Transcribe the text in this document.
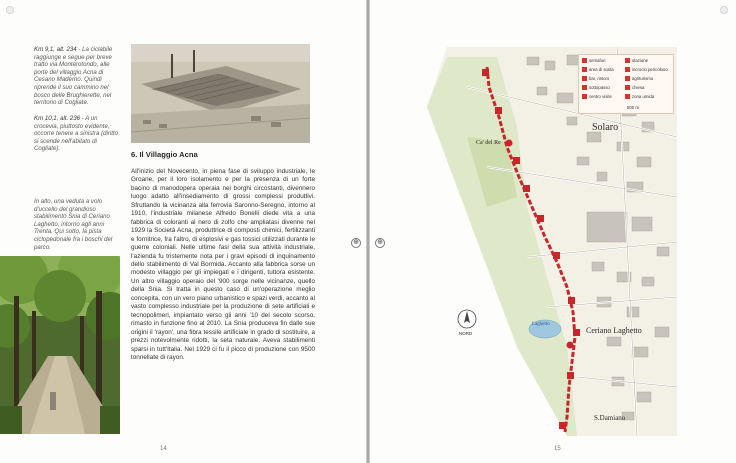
Km 9,1, alt. 234 - La ciclabile raggiunge e segue per breve tratto via Monterotondo, alle porte del villaggio Acna di Cesano Maderno. Quindi riprende il suo cammino nel bosco delle Brughierette, nel territorio di Cogliate.
Km 10,1, alt. 236 - A un crocevia, piuttosto evidente, occorre tenere a sinistra (diritto si scende nell'abitato di Cogliate).
In alto, una veduta a volo d'uccello del grandioso stabilimento Snia di Ceriano Laghetto, intorno agli anni Trenta. Qui sotto, la pista ciclopedonale fra i boschi del parco.
6. Il Villaggio Acna
All'inizio del Novecento, in piena fase di sviluppo industriale, le Groane, per il loro isolamento e per la presenza di un forte bacino di manodopera operaia nei borghi circostanti, divennero luogo adatto all'insediamento di grossi complessi produttivi. Sfruttando la vicinanza alla ferrovia Saronno-Seregno, intorno al 1910, l'industriale milanese Alfredo Bonelli diede vita a una fabbrica di coloranti al nero di zolfo che ampliatasi divenne nel 1929 la Società Acna, produttrice di composti chimici, fertilizzanti e fornitrice, fra l'altro, di esplosivi e gas tossici utilizzati durante le guerre coloniali. Nelle ultime fasi della sua attività industriale, l'azienda fu tristemente nota per i gravi episodi di inquinamento dello stabilimento di Val Bormida. Accanto alla fabbrica sorse un modesto villaggio per gli impiegati e i dirigenti, tuttora esistente. Un altro villaggio operaio del '900 sorge nelle vicinanze, quello della Snia. Si tratta in questo caso di un'operazione meglio concepita, con un vero piano urbanistico e spazi verdi, accanto al vasto complesso industriale per la produzione di sete artificiali e tecnopolimeri, impiantato verso gli anni '10 del secolo scorso, rimasto in funzione fino al 2010. La Snia produceva fin dalle sue origini il 'rayon', una fibra tessile artificiale in grado di sostituire, a prezzi notevolmente ridotti, la seta naturale. Aveva stabilimenti sparsi in tutt'Italia. Nel 1929 ci fu il picco di produzione con 9500 tonnellate di rayon.
14
⊕	⊕
Solaro
Ca' del Re
Ceriano Laghetto
S.Damiano
Laghetto
NORD
semafori
area di sosta
bar, ristoro
sottopasso
centro visite
stazione
incrocio pericoloso
agriturismo
chiesa
zona umida
500 m
15
